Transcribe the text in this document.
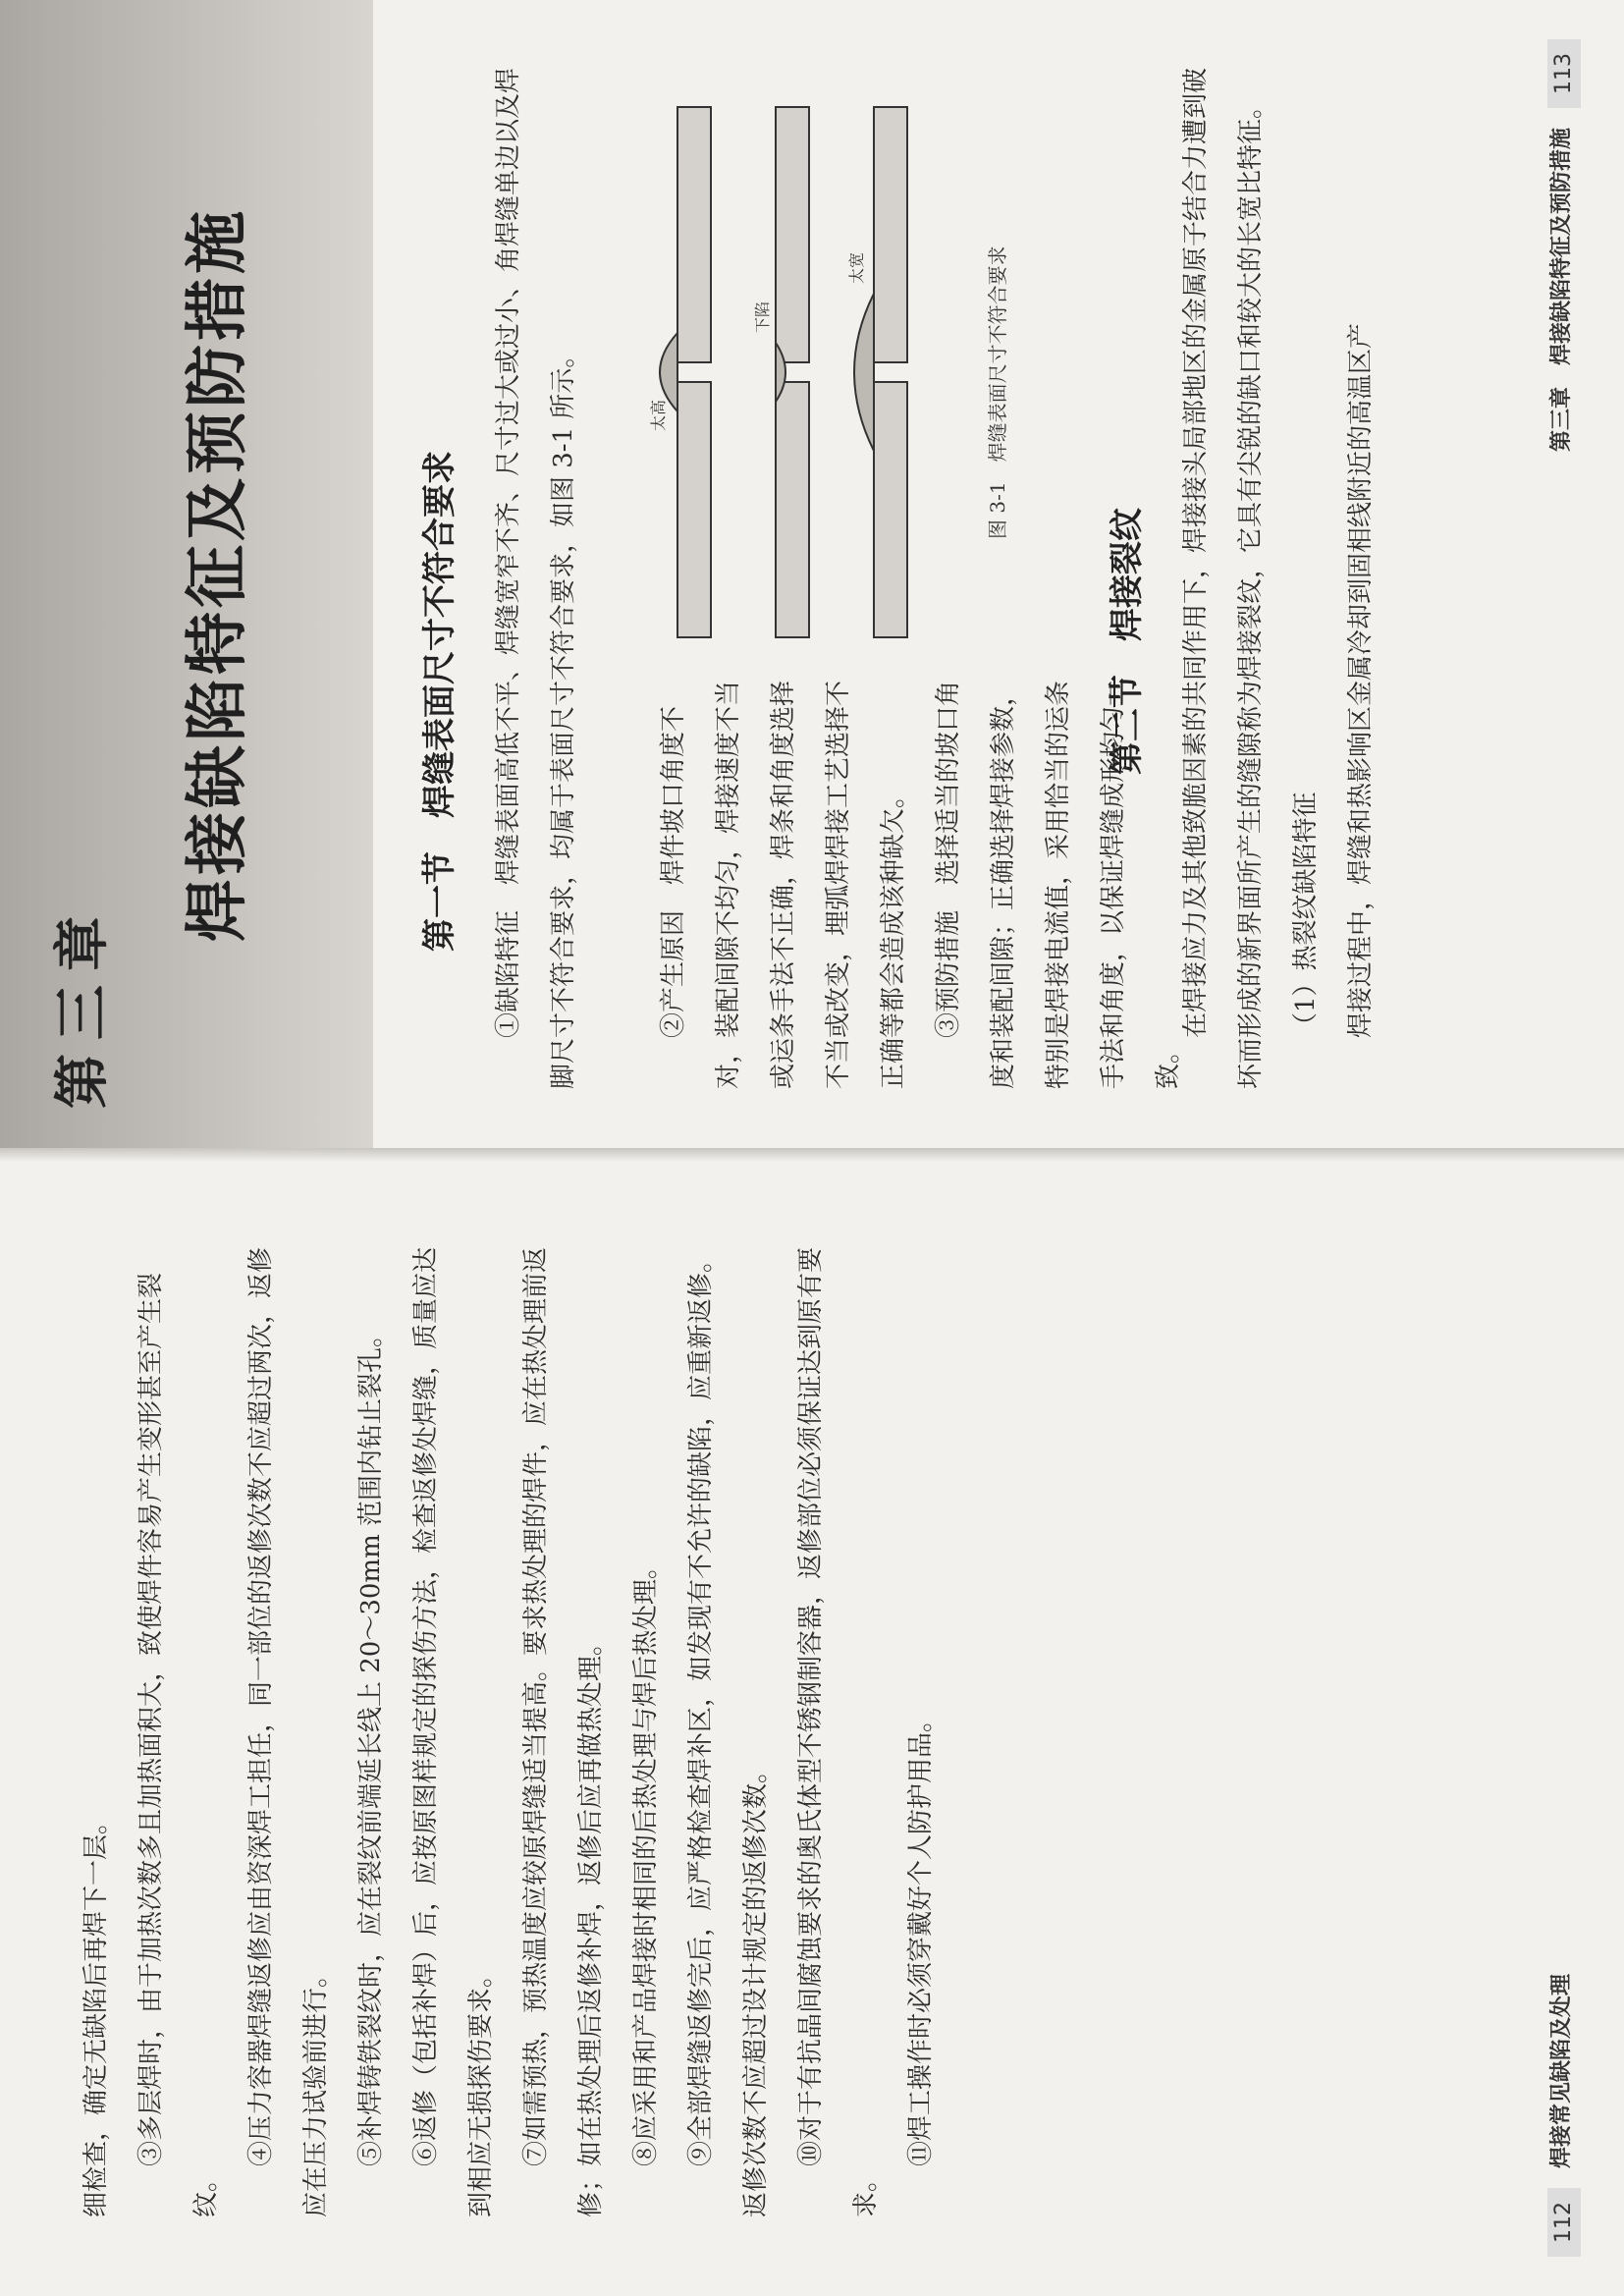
细检查，确定无缺陷后再焊下一层。	③多层焊时，由于加热次数多且加热面积大，致使焊件容易产生变形甚至产生裂纹。

④压力容器焊缝返修应由资深焊工担任，同一部位的返修次数不应超过两次，返修应在压力试验前进行。	⑤补焊铸铁裂纹时，应在裂纹前端延长线上 20～30mm 范围内钻止裂孔。	⑥返修（包括补焊）后，应按原图样规定的探伤方法，检查返修处焊缝，质量应达到相应无损探伤要求。	⑦如需预热，预热温度应较原焊缝适当提高。要求热处理的焊件，应在热处理前返修；如在热处理后返修补焊，返修后应再做热处理。	⑧应采用和产品焊接时相同的后热处理与焊后热处理。	⑨全部焊缝返修完后，应严格检查焊补区，如发现有不允许的缺陷，应重新返修。返修次数不应超过设计规定的返修次数。	⑩对于有抗晶间腐蚀要求的奥氏体型不锈钢制容器，返修部位必须保证达到原有要求。

⑪焊工操作时必须穿戴好个人防护用品。

112
焊接常见缺陷及处理
第三章
焊接缺陷特征及预防措施	第一节　焊缝表面尺寸不符合要求	①缺陷特征　焊缝表面高低不平、焊缝宽窄不齐、尺寸过大或过小、角焊缝单边以及焊脚尺寸不符合要求，均属于表面尺寸不符合要求，如图 3-1 所示。	②产生原因　焊件坡口角度不对，装配间隙不均匀，焊接速度不当或运条手法不正确，焊条和角度选择不当或改变，埋弧焊焊接工艺选择不正确等都会造成该种缺欠。	③预防措施　选择适当的坡口角度和装配间隙；正确选择焊接参数，特别是焊接电流值，采用恰当的运条手法和角度，以保证焊缝成形均匀一致。

太高
下陷
太宽	图 3-1　焊缝表面尺寸不符合要求
第二节　焊接裂纹	在焊接应力及其他致脆因素的共同作用下，焊接接头局部地区的金属原子结合力遭到破坏而形成的新界面所产生的缝隙称为焊接裂纹，它具有尖锐的缺口和较大的长宽比特征。	（1）热裂纹缺陷特征	焊接过程中，焊缝和热影响区金属冷却到固相线附近的高温区产

第三章　焊接缺陷特征及预防措施
113
